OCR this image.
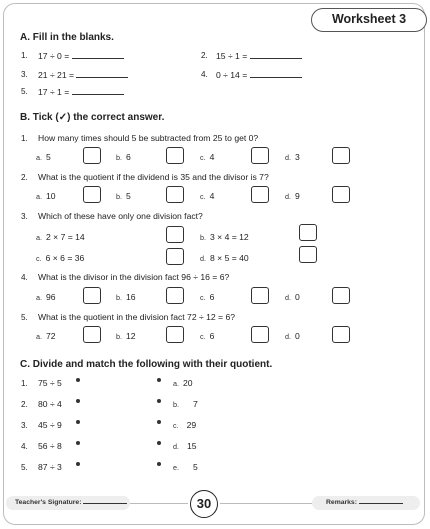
Worksheet 3
A. Fill in the blanks.
1. 17 ÷ 0 =	2. 15 ÷ 1 =
3. 21 ÷ 21 =	4. 0 ÷ 14 =
5. 17 ÷ 1 =
B. Tick (✓) the correct answer.
1. How many times should 5 be subtracted from 25 to get 0?
a. 5	b. 6	c. 4	d. 3
2. What is the quotient if the dividend is 35 and the divisor is 7?
a. 10	b. 5	c. 4	d. 9
3. Which of these have only one division fact?
a. 2 × 7 = 14	b. 3 × 4 = 12
c. 6 × 6 = 36	d. 8 × 5 = 40
4. What is the divisor in the division fact 96 ÷ 16 = 6?
a. 96	b. 16	c. 6	d. 0
5. What is the quotient in the division fact 72 ÷ 12 = 6?
a. 72	b. 12	c. 6	d. 0
C. Divide and match the following with their quotient.
1. 75 ÷ 5	a. 20
2. 80 ÷ 4	b. 7
3. 45 ÷ 9	c. 29
4. 56 ÷ 8	d. 15
5. 87 ÷ 3	e. 5
Teacher's Signature:	30	Remarks:
